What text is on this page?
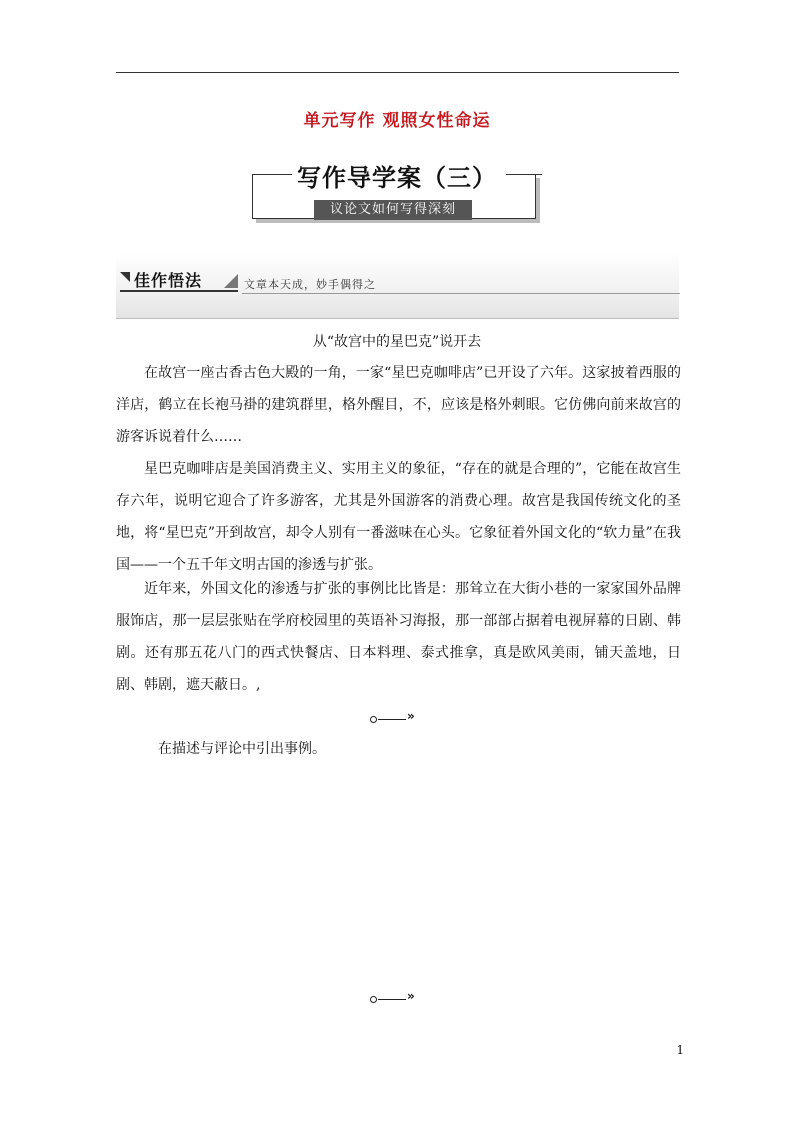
单元写作 观照女性命运
写作导学案（三）
议论文如何写得深刻
佳作悟法	文章本天成，妙手偶得之
从“故宫中的星巴克”说开去
在故宫一座古香古色大殿的一角，一家“星巴克咖啡店”已开设了六年。这家披着西服的洋店，鹤立在长袍马褂的建筑群里，格外醒目，不，应该是格外刺眼。它仿佛向前来故宫的游客诉说着什么……
星巴克咖啡店是美国消费主义、实用主义的象征，“存在的就是合理的”，它能在故宫生存六年，说明它迎合了许多游客，尤其是外国游客的消费心理。故宫是我国传统文化的圣地，将“星巴克”开到故宫，却令人别有一番滋味在心头。它象征着外国文化的“软力量”在我国——一个五千年文明古国的渗透与扩张。
近年来，外国文化的渗透与扩张的事例比比皆是：那耸立在大街小巷的一家家国外品牌服饰店，那一层层张贴在学府校园里的英语补习海报，那一部部占据着电视屏幕的日剧、韩剧。还有那五花八门的西式快餐店、日本料理、泰式推拿，真是欧风美雨，铺天盖地，日剧、韩剧，遮天蔽日。,
»
在描述与评论中引出事例。
»
1
